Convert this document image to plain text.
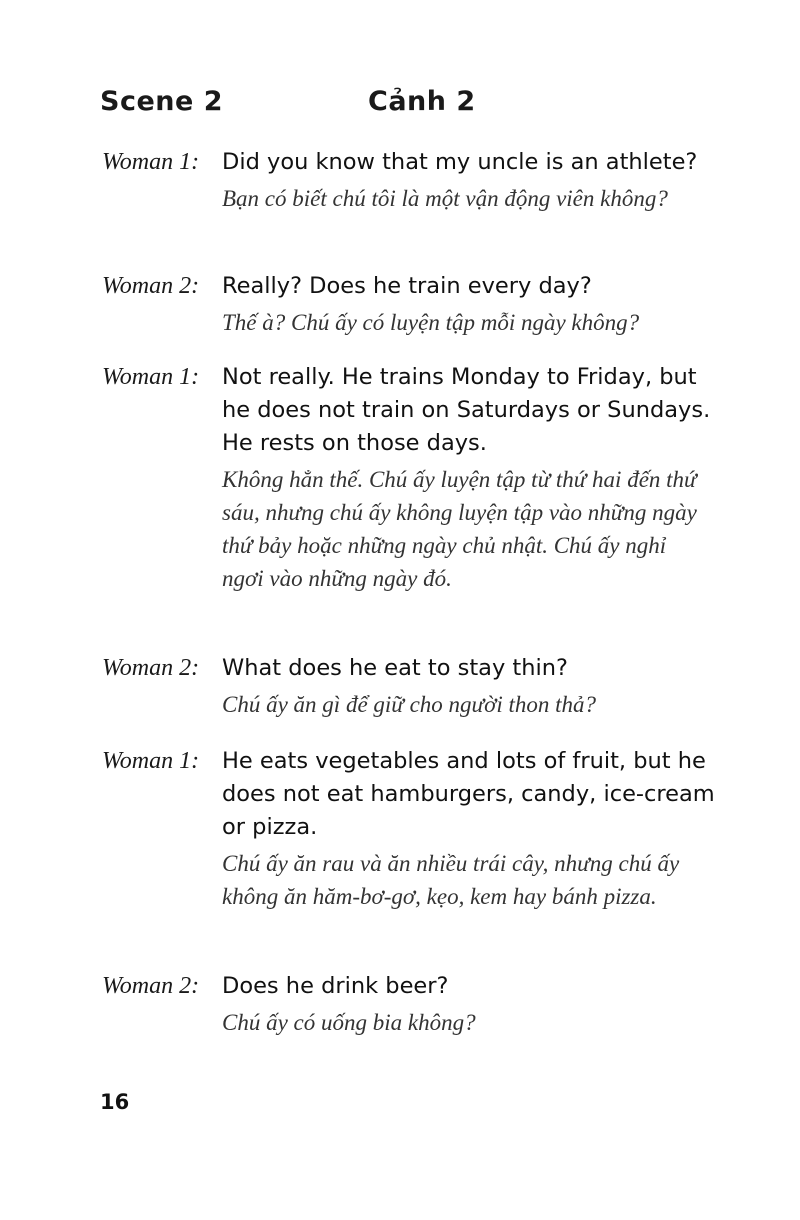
Scene 2	Cảnh 2
Woman 1: Did you know that my uncle is an athlete?

Bạn có biết chú tôi là một vận động viên không?

Woman 2: Really? Does he train every day?

Thế à? Chú ấy có luyện tập mỗi ngày không?

Woman 1: Not really. He trains Monday to Friday, but he does not train on Saturdays or Sundays. He rests on those days.

Không hẳn thế. Chú ấy luyện tập từ thứ hai đến thứ sáu, nhưng chú ấy không luyện tập vào những ngày thứ bảy hoặc những ngày chủ nhật. Chú ấy nghỉ ngơi vào những ngày đó.

Woman 2: What does he eat to stay thin?

Chú ấy ăn gì để giữ cho người thon thả?

Woman 1: He eats vegetables and lots of fruit, but he does not eat hamburgers, candy, ice-cream or pizza.

Chú ấy ăn rau và ăn nhiều trái cây, nhưng chú ấy không ăn hăm-bơ-gơ, kẹo, kem hay bánh pizza.

Woman 2: Does he drink beer?

Chú ấy có uống bia không?

16
